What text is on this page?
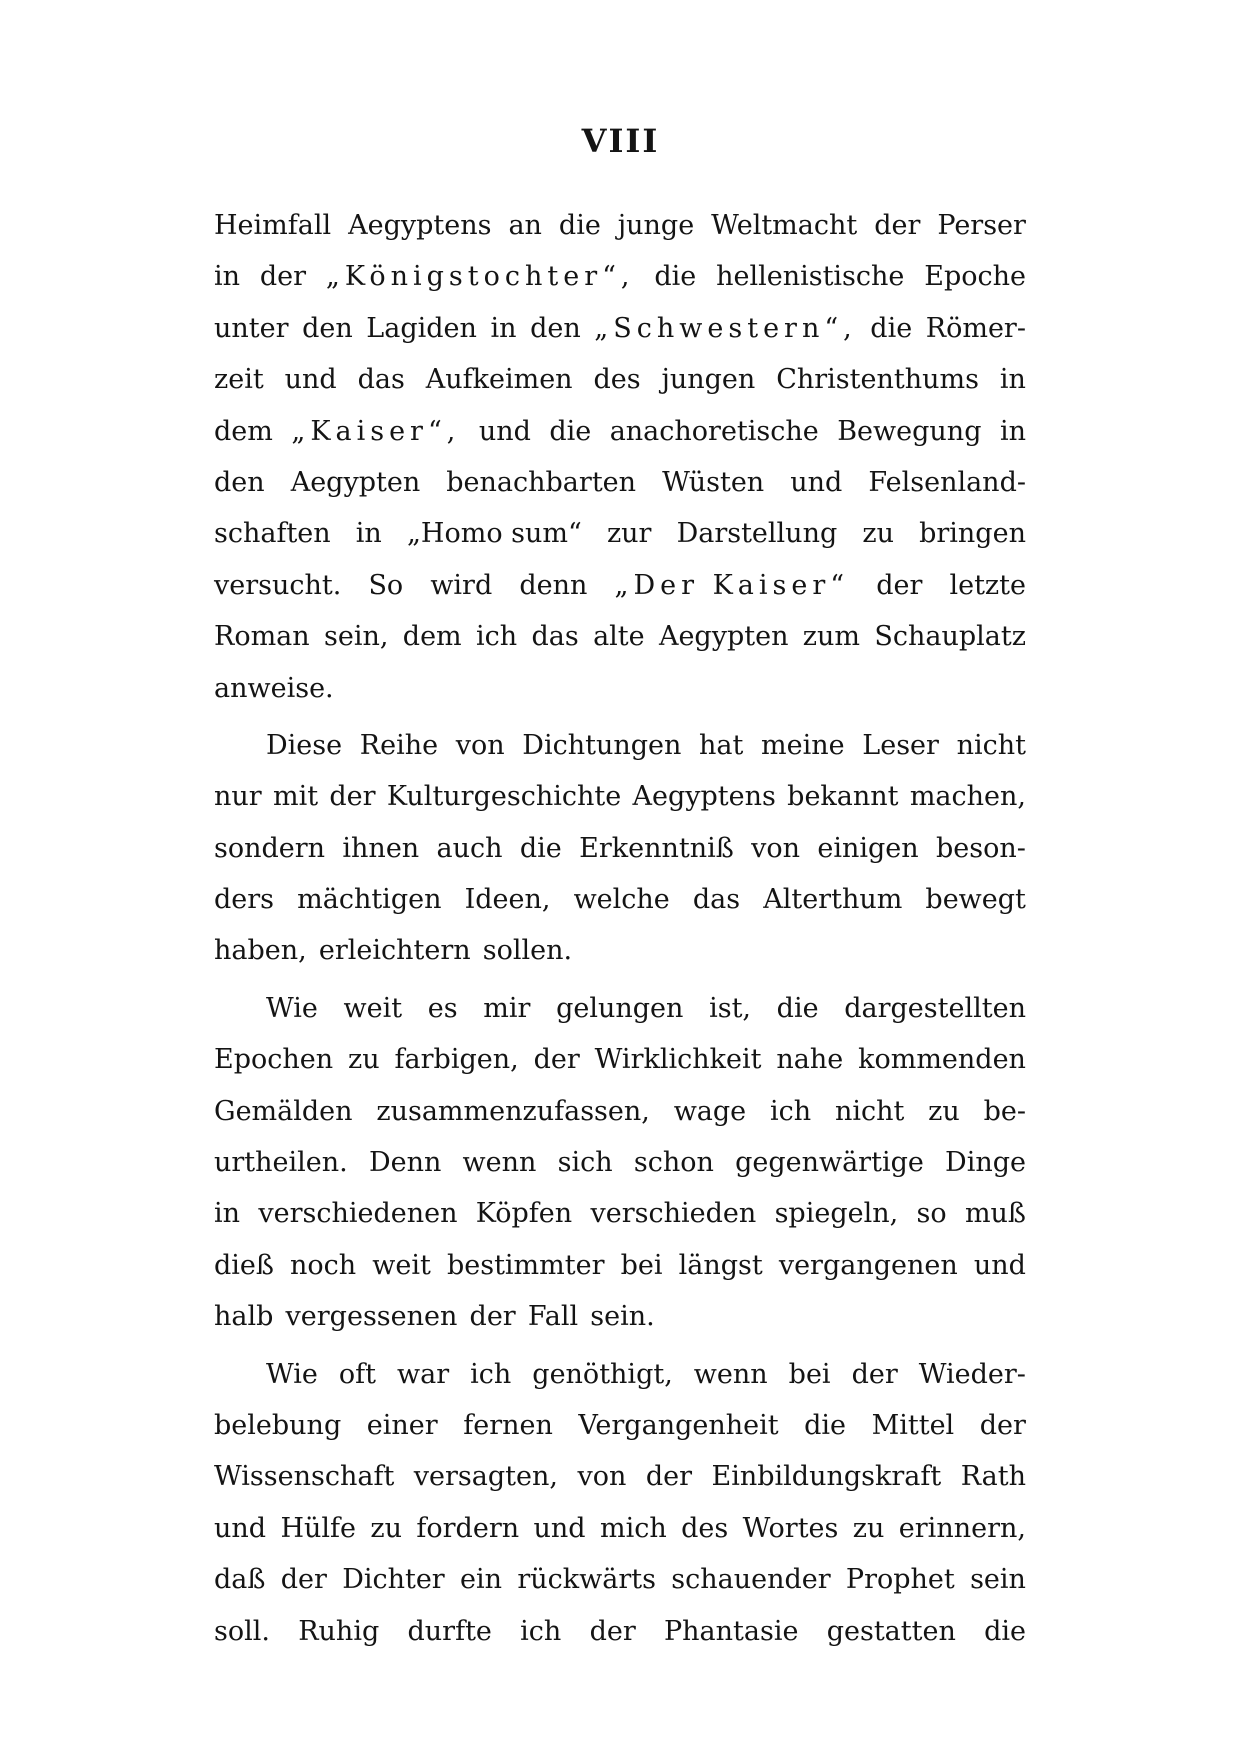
VIII
Heimfall Aegyptens an die junge Weltmacht der Perser
in der „Königstochter“, die hellenistische Epoche
unter den Lagiden in den „Schwestern“, die Römer-
zeit und das Aufkeimen des jungen Christenthums in
dem „Kaiser“, und die anachoretische Bewegung in
den Aegypten benachbarten Wüsten und Felsenland-
schaften in „Homo sum“ zur Darstellung zu bringen
versucht. So wird denn „Der Kaiser“ der letzte
Roman sein, dem ich das alte Aegypten zum Schauplatz
anweise.
Diese Reihe von Dichtungen hat meine Leser nicht
nur mit der Kulturgeschichte Aegyptens bekannt machen,
sondern ihnen auch die Erkenntniß von einigen beson-
ders mächtigen Ideen, welche das Alterthum bewegt
haben, erleichtern sollen.
Wie weit es mir gelungen ist, die dargestellten
Epochen zu farbigen, der Wirklichkeit nahe kommenden
Gemälden zusammenzufassen, wage ich nicht zu be-
urtheilen. Denn wenn sich schon gegenwärtige Dinge
in verschiedenen Köpfen verschieden spiegeln, so muß
dieß noch weit bestimmter bei längst vergangenen und
halb vergessenen der Fall sein.
Wie oft war ich genöthigt, wenn bei der Wieder-
belebung einer fernen Vergangenheit die Mittel der
Wissenschaft versagten, von der Einbildungskraft Rath
und Hülfe zu fordern und mich des Wortes zu erinnern,
daß der Dichter ein rückwärts schauender Prophet sein
soll. Ruhig durfte ich der Phantasie gestatten die
